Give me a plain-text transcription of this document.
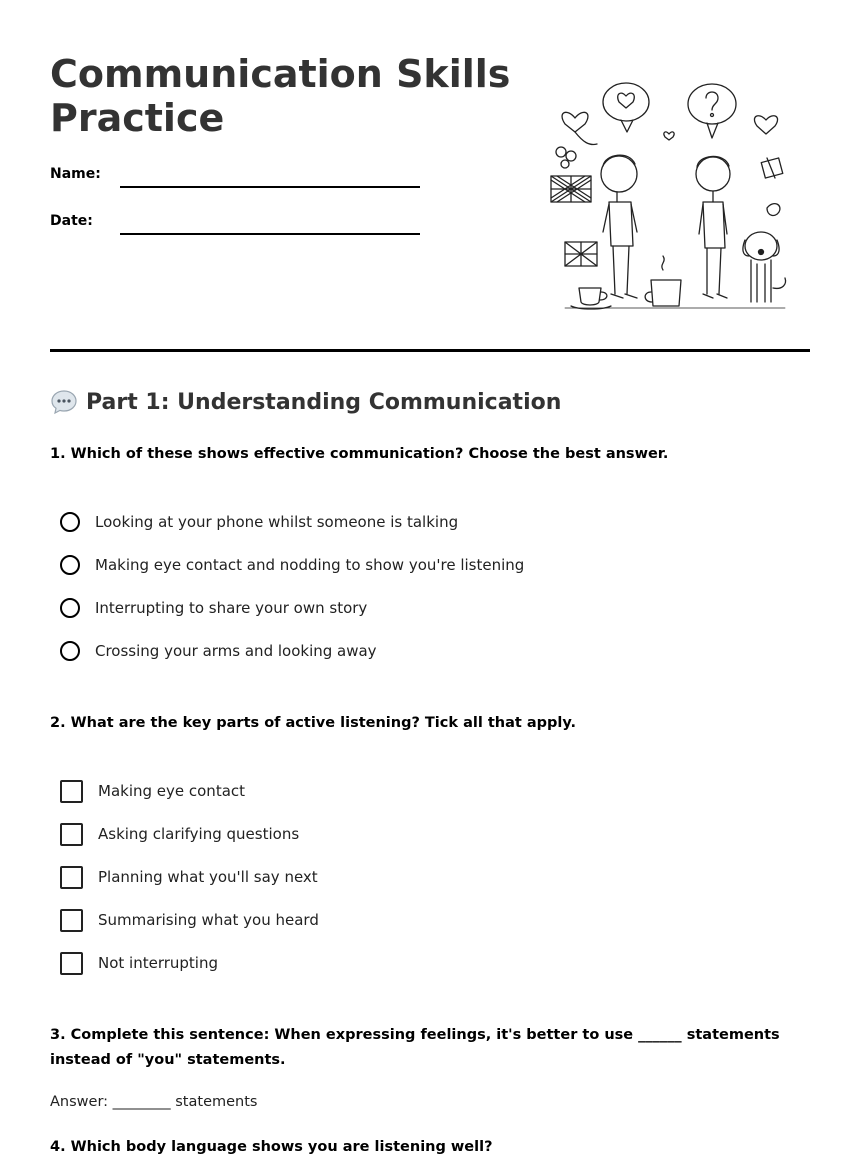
Communication Skills Practice
Name:
Date:
Part 1: Understanding Communication
1. Which of these shows effective communication? Choose the best answer.
Looking at your phone whilst someone is talking
Making eye contact and nodding to show you're listening
Interrupting to share your own story
Crossing your arms and looking away
2. What are the key parts of active listening? Tick all that apply.
Making eye contact
Asking clarifying questions
Planning what you'll say next
Summarising what you heard
Not interrupting
3. Complete this sentence: When expressing feelings, it's better to use ______ statements instead of "you" statements.
Answer: ________ statements
4. Which body language shows you are listening well?
